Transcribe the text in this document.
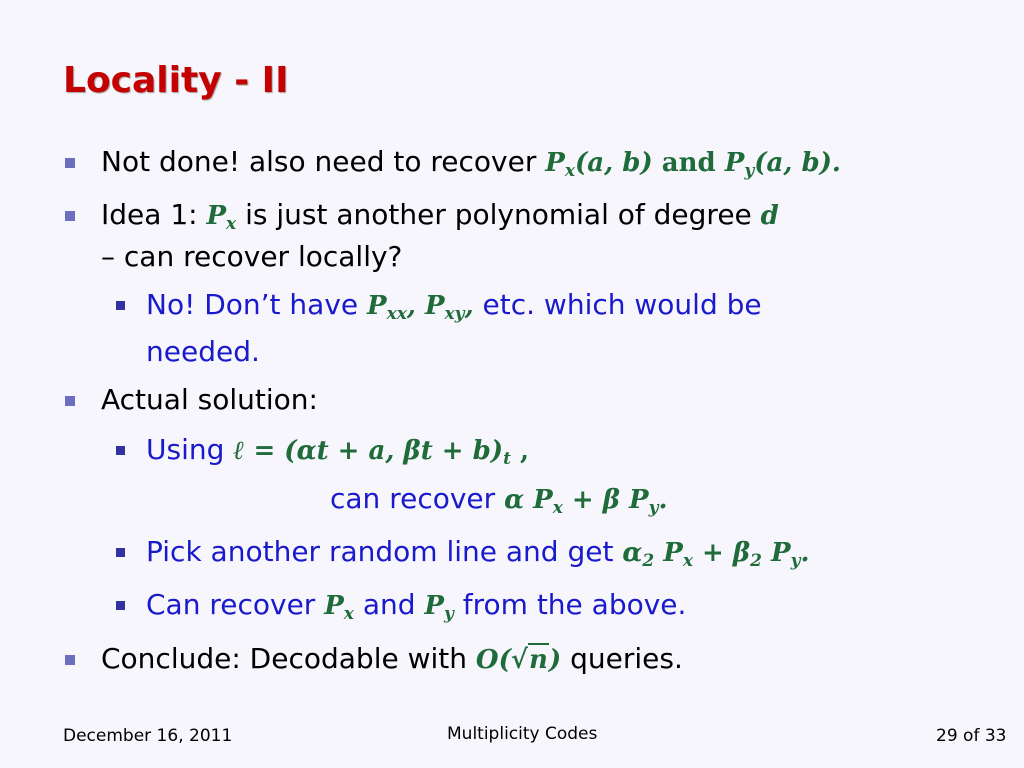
Locality - II
Not done! also need to recover $P_x(a$, b) and $P_y(a$, b).
Idea 1: $P_x$ is just another polynomial of degree d
– can recover locally?
No! Don’t have $P_{xx}$, $P_{xy}$, etc. which would be
needed.
Actual solution:
Using ℓ = (αt + a, $\beta t + b)_t$ ,
can recover α $P_x + \beta$ $P_y$.
Pick another random line and get $\alpha_2$ $P_x + \beta_2$ $P_y$.
Can recover $P_x$ and $P_y$ from the above.
Conclude: Decodable with O(√n) queries.
December 16, 2011	Multiplicity Codes	29 of 33
